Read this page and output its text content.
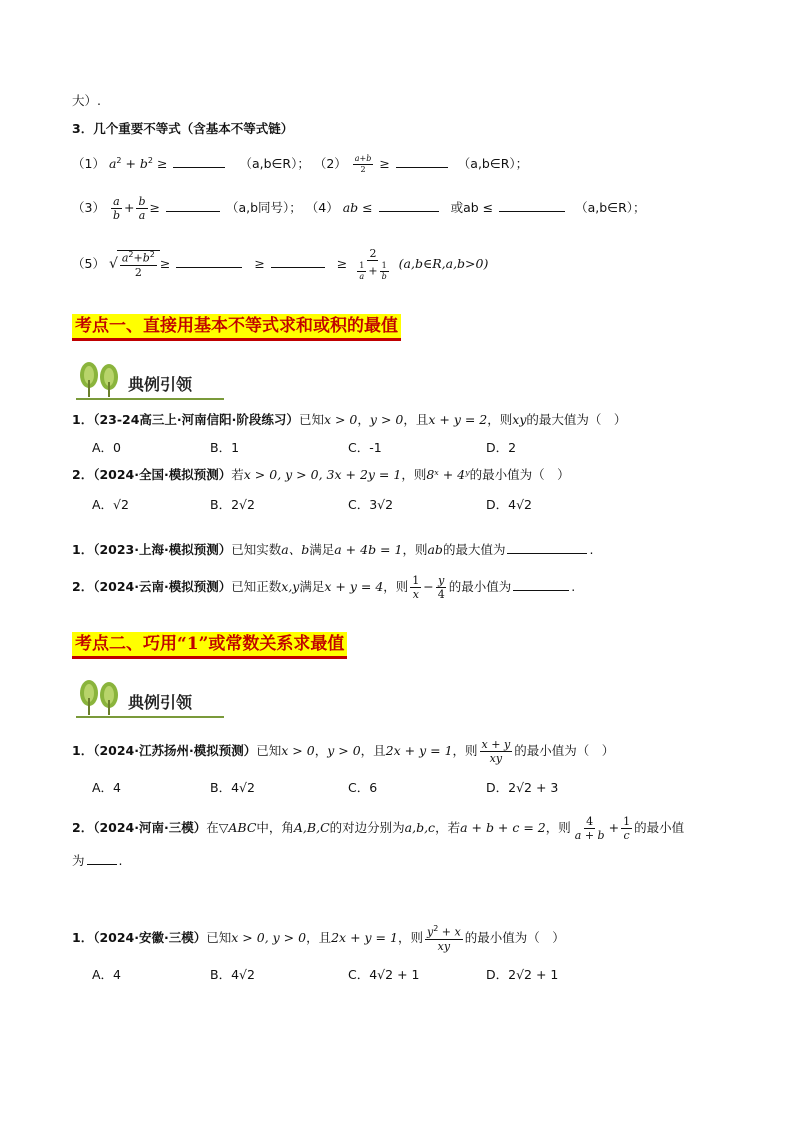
大）.
3．几个重要不等式（含基本不等式链）
（1） $a^2 + b^2$ ≥	（a,b∈R）； $(2) \frac{a+b}{2}$ ≥	（a,b∈R）；
$(3) \frac{a}{b} + \frac{b}{a}$ ≥	（a,b同号）； （4） ab ≤	或ab ≤	（a,b∈R）；
（5） √ $\frac{a^2+b^2}{2}$ ≥	≥	≥ $\frac{2}{\frac{1}{a} + \frac{1}{b}}$ (a,b∈R,a,b>0)
考点一、直接用基本不等式求和或积的最值
典例引领
1．（23-24高三上·河南信阳·阶段练习）已知x > 0，y > 0，且x + y = 2，则xy的最大值为（　）
A．0	B．1	C．-1	D．2
2．（2024·全国·模拟预测）若x > 0, y > 0, 3x + 2y = 1，则8ˣ + 4ʸ的最小值为（　）
A．√2	B．2√2	C．3√2	D．4√2
1．（2023·上海·模拟预测）已知实数a、b满足a + 4b = 1，则ab的最大值为	.
2．（2024·云南·模拟预测）已知正数x,y满足x + y = 4，则 $\frac{1}{x} - \frac{y}{4}$ 的最小值为	.
考点二、巧用“1”或常数关系求最值
典例引领
1．（2024·江苏扬州·模拟预测）已知x > 0，y > 0，且2x + y = 1，则 $\frac{x + y}{xy}$ 的最小值为（　）
A．4	B．4√2	C．6	D．2√2 + 3
2．（2024·河南·三模）在▽ABC中，角A,B,C的对边分别为a,b,c，若a + b + c = 2，则 $\frac{4}{a + b} + \frac{1}{c}$ 的最小值
为	.
1．（2024·安徽·三模）已知x > 0, y > 0，且2x + y = 1，则 $\frac{y^2 + x}{xy}$ 的最小值为（　）
A．4	B．4√2	C．4√2 + 1	D．2√2 + 1
